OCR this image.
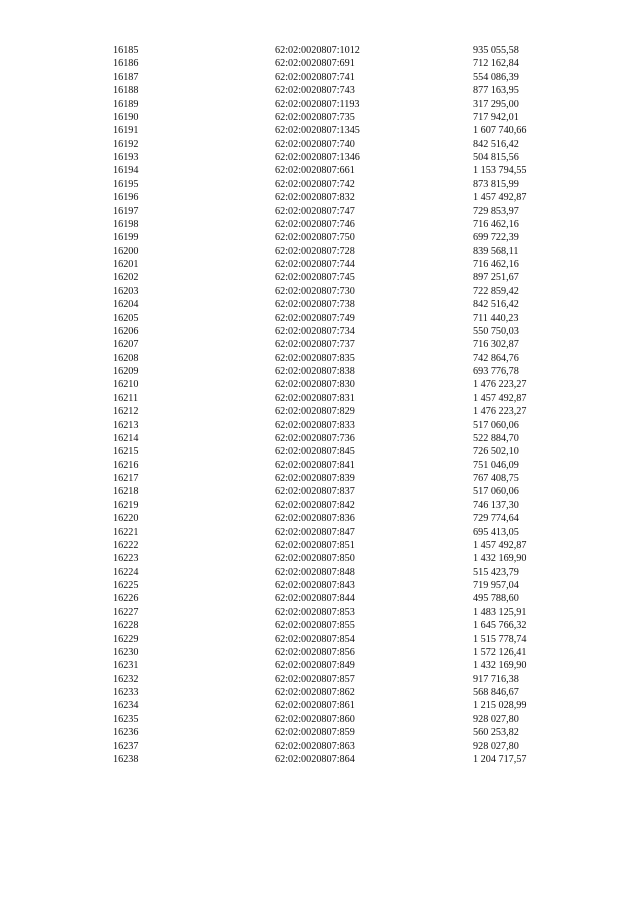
16185	62:02:0020807:1012	935 055,58
16186	62:02:0020807:691	712 162,84
16187	62:02:0020807:741	554 086,39
16188	62:02:0020807:743	877 163,95
16189	62:02:0020807:1193	317 295,00
16190	62:02:0020807:735	717 942,01
16191	62:02:0020807:1345	1 607 740,66
16192	62:02:0020807:740	842 516,42
16193	62:02:0020807:1346	504 815,56
16194	62:02:0020807:661	1 153 794,55
16195	62:02:0020807:742	873 815,99
16196	62:02:0020807:832	1 457 492,87
16197	62:02:0020807:747	729 853,97
16198	62:02:0020807:746	716 462,16
16199	62:02:0020807:750	699 722,39
16200	62:02:0020807:728	839 568,11
16201	62:02:0020807:744	716 462,16
16202	62:02:0020807:745	897 251,67
16203	62:02:0020807:730	722 859,42
16204	62:02:0020807:738	842 516,42
16205	62:02:0020807:749	711 440,23
16206	62:02:0020807:734	550 750,03
16207	62:02:0020807:737	716 302,87
16208	62:02:0020807:835	742 864,76
16209	62:02:0020807:838	693 776,78
16210	62:02:0020807:830	1 476 223,27
16211	62:02:0020807:831	1 457 492,87
16212	62:02:0020807:829	1 476 223,27
16213	62:02:0020807:833	517 060,06
16214	62:02:0020807:736	522 884,70
16215	62:02:0020807:845	726 502,10
16216	62:02:0020807:841	751 046,09
16217	62:02:0020807:839	767 408,75
16218	62:02:0020807:837	517 060,06
16219	62:02:0020807:842	746 137,30
16220	62:02:0020807:836	729 774,64
16221	62:02:0020807:847	695 413,05
16222	62:02:0020807:851	1 457 492,87
16223	62:02:0020807:850	1 432 169,90
16224	62:02:0020807:848	515 423,79
16225	62:02:0020807:843	719 957,04
16226	62:02:0020807:844	495 788,60
16227	62:02:0020807:853	1 483 125,91
16228	62:02:0020807:855	1 645 766,32
16229	62:02:0020807:854	1 515 778,74
16230	62:02:0020807:856	1 572 126,41
16231	62:02:0020807:849	1 432 169,90
16232	62:02:0020807:857	917 716,38
16233	62:02:0020807:862	568 846,67
16234	62:02:0020807:861	1 215 028,99
16235	62:02:0020807:860	928 027,80
16236	62:02:0020807:859	560 253,82
16237	62:02:0020807:863	928 027,80
16238	62:02:0020807:864	1 204 717,57
